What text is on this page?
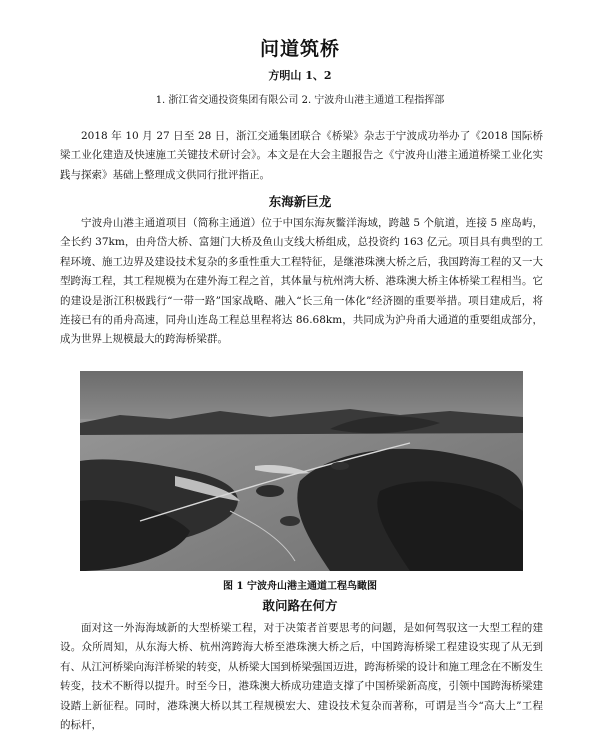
问道筑桥
方明山 1、2
1. 浙江省交通投资集团有限公司 2. 宁波舟山港主通道工程指挥部

2018 年 10 月 27 日至 28 日，浙江交通集团联合《桥梁》杂志于宁波成功举办了《2018 国际桥梁工业化建造及快速施工关键技术研讨会》。本文是在大会主题报告之《宁波舟山港主通道桥梁工业化实践与探索》基础上整理成文供同行批评指正。

东海新巨龙

宁波舟山港主通道项目（简称主通道）位于中国东海灰鳖洋海域，跨越 5 个航道，连接 5 座岛屿，全长约 37km，由舟岱大桥、富翅门大桥及鱼山支线大桥组成，总投资约 163 亿元。项目具有典型的工程环境、施工边界及建设技术复杂的多重性重大工程特征，是继港珠澳大桥之后，我国跨海工程的又一大型跨海工程，其工程规模为在建外海工程之首，其体量与杭州湾大桥、港珠澳大桥主体桥梁工程相当。它的建设是浙江积极践行“一带一路”国家战略、融入“长三角一体化”经济圈的重要举措。项目建成后，将连接已有的甬舟高速，同舟山连岛工程总里程将达 86.68km，共同成为沪舟甬大通道的重要组成部分，成为世界上规模最大的跨海桥梁群。

图 1 宁波舟山港主通道工程鸟瞰图
敢问路在何方

面对这一外海海域新的大型桥梁工程，对于决策者首要思考的问题，是如何驾驭这一大型工程的建设。众所周知，从东海大桥、杭州湾跨海大桥至港珠澳大桥之后，中国跨海桥梁工程建设实现了从无到有、从江河桥梁向海洋桥梁的转变，从桥梁大国到桥梁强国迈进，跨海桥梁的设计和施工理念在不断发生转变，技术不断得以提升。时至今日，港珠澳大桥成功建造支撑了中国桥梁新高度，引领中国跨海桥梁建设踏上新征程。同时，港珠澳大桥以其工程规模宏大、建设技术复杂而著称，可谓是当今“高大上”工程的标杆，
